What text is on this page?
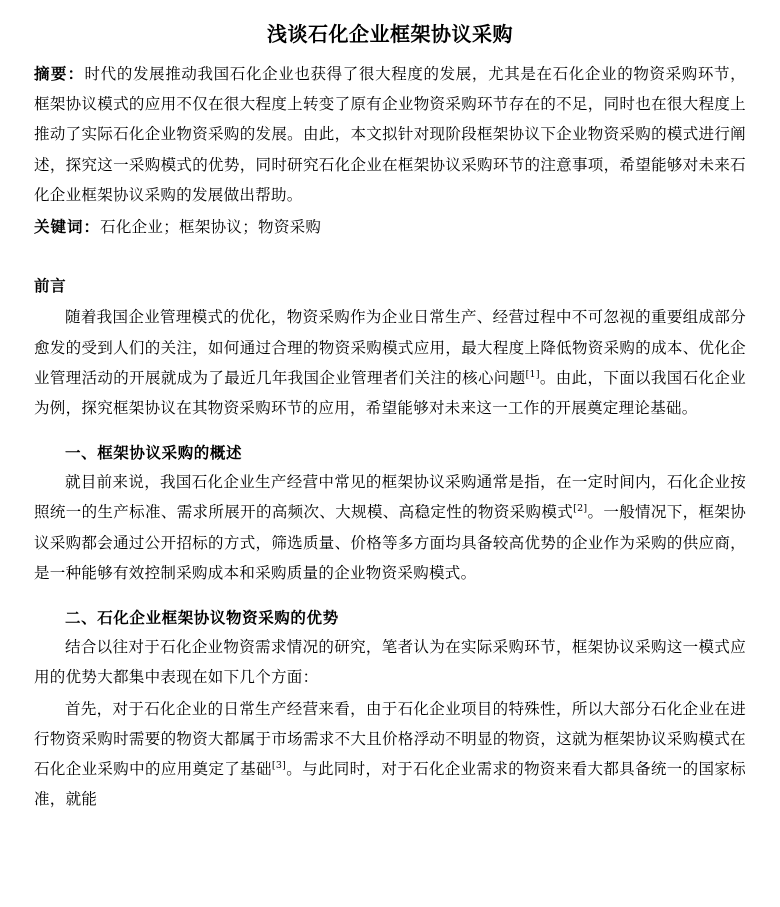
浅谈石化企业框架协议采购
摘要：时代的发展推动我国石化企业也获得了很大程度的发展，尤其是在石化企业的物资采购环节，框架协议模式的应用不仅在很大程度上转变了原有企业物资采购环节存在的不足，同时也在很大程度上推动了实际石化企业物资采购的发展。由此，本文拟针对现阶段框架协议下企业物资采购的模式进行阐述，探究这一采购模式的优势，同时研究石化企业在框架协议采购环节的注意事项，希望能够对未来石化企业框架协议采购的发展做出帮助。
关键词：石化企业；框架协议；物资采购
前言

随着我国企业管理模式的优化，物资采购作为企业日常生产、经营过程中不可忽视的重要组成部分愈发的受到人们的关注，如何通过合理的物资采购模式应用，最大程度上降低物资采购的成本、优化企业管理活动的开展就成为了最近几年我国企业管理者们关注的核心问题[1]。由此，下面以我国石化企业为例，探究框架协议在其物资采购环节的应用，希望能够对未来这一工作的开展奠定理论基础。

一、框架协议采购的概述

就目前来说，我国石化企业生产经营中常见的框架协议采购通常是指，在一定时间内，石化企业按照统一的生产标准、需求所展开的高频次、大规模、高稳定性的物资采购模式[2]。一般情况下，框架协议采购都会通过公开招标的方式，筛选质量、价格等多方面均具备较高优势的企业作为采购的供应商，是一种能够有效控制采购成本和采购质量的企业物资采购模式。

二、石化企业框架协议物资采购的优势

结合以往对于石化企业物资需求情况的研究，笔者认为在实际采购环节，框架协议采购这一模式应用的优势大都集中表现在如下几个方面：

首先，对于石化企业的日常生产经营来看，由于石化企业项目的特殊性，所以大部分石化企业在进行物资采购时需要的物资大都属于市场需求不大且价格浮动不明显的物资，这就为框架协议采购模式在石化企业采购中的应用奠定了基础[3]。与此同时，对于石化企业需求的物资来看大都具备统一的国家标准，就能
